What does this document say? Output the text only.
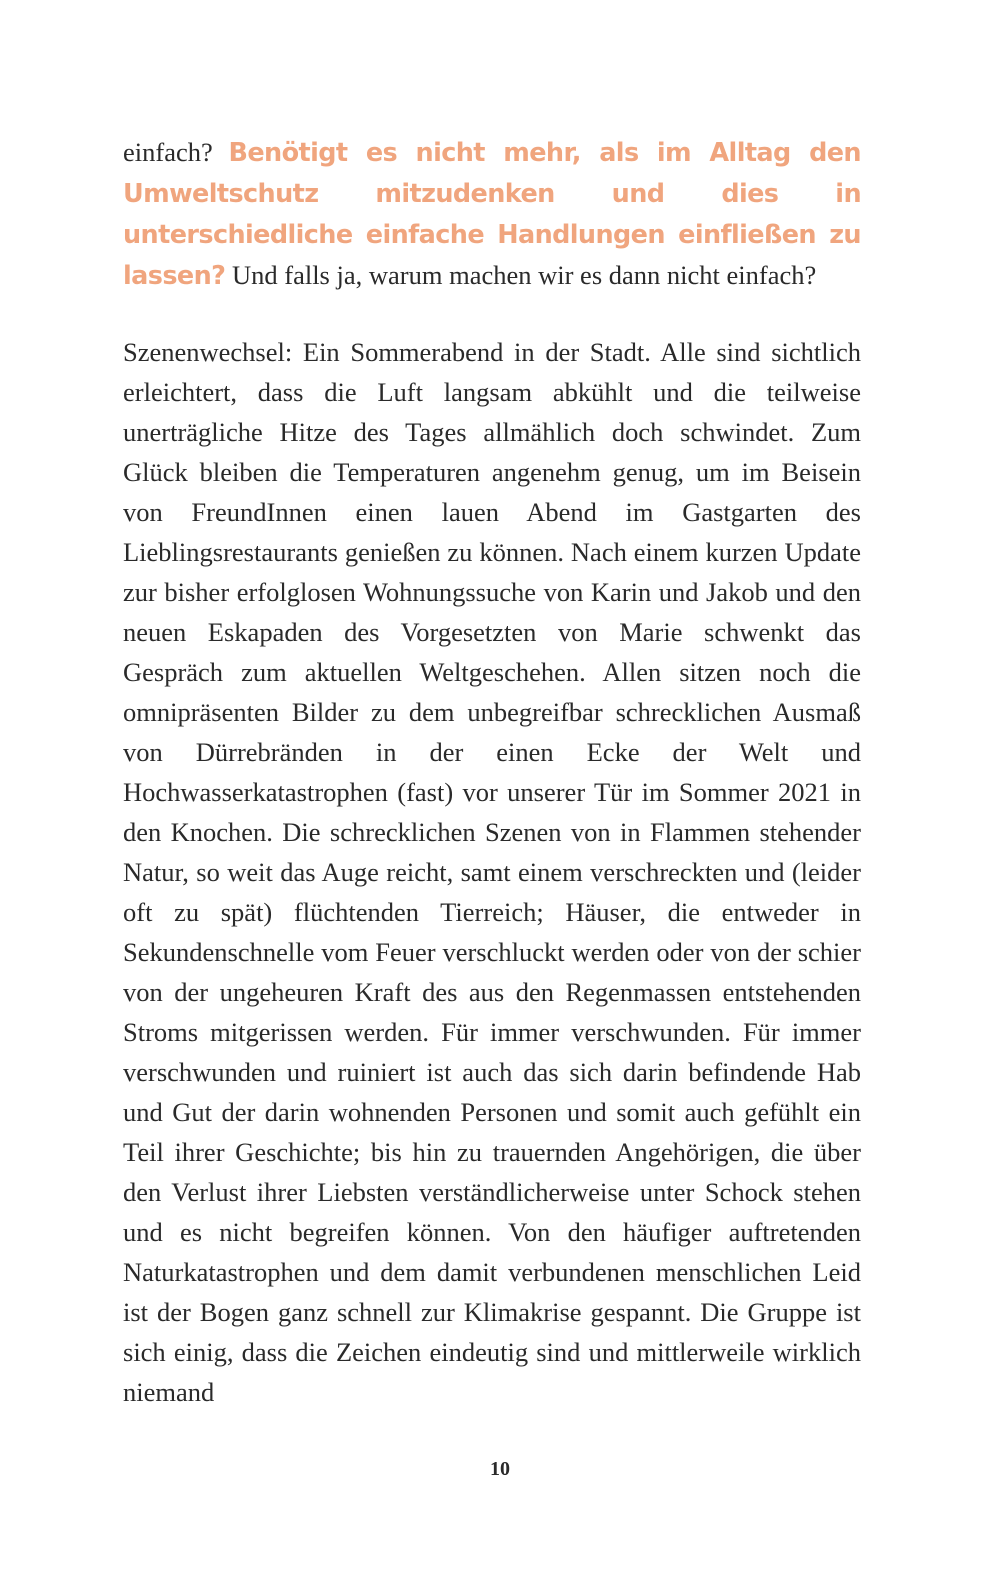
einfach? Benötigt es nicht mehr, als im Alltag den Umweltschutz mitzudenken und dies in unterschiedliche einfache Handlungen einfließen zu lassen? Und falls ja, warum machen wir es dann nicht einfach?
Szenenwechsel: Ein Sommerabend in der Stadt. Alle sind sichtlich erleichtert, dass die Luft langsam abkühlt und die teilweise unerträgliche Hitze des Tages allmählich doch schwindet. Zum Glück bleiben die Temperaturen angenehm genug, um im Beisein von FreundInnen einen lauen Abend im Gastgarten des Lieblingsrestaurants genießen zu können. Nach einem kurzen Update zur bisher erfolglosen Wohnungssuche von Karin und Jakob und den neuen Eskapaden des Vorgesetzten von Marie schwenkt das Gespräch zum aktuellen Weltgeschehen. Allen sitzen noch die omnipräsenten Bilder zu dem unbegreifbar schrecklichen Ausmaß von Dürrebränden in der einen Ecke der Welt und Hochwasserkatastrophen (fast) vor unserer Tür im Sommer 2021 in den Knochen. Die schrecklichen Szenen von in Flammen stehender Natur, so weit das Auge reicht, samt einem verschreckten und (leider oft zu spät) flüchtenden Tierreich; Häuser, die entweder in Sekundenschnelle vom Feuer verschluckt werden oder von der schier von der ungeheuren Kraft des aus den Regenmassen entstehenden Stroms mitgerissen werden. Für immer verschwunden. Für immer verschwunden und ruiniert ist auch das sich darin befindende Hab und Gut der darin wohnenden Personen und somit auch gefühlt ein Teil ihrer Geschichte; bis hin zu trauernden Angehörigen, die über den Verlust ihrer Liebsten verständlicherweise unter Schock stehen und es nicht begreifen können. Von den häufiger auftretenden Naturkatastrophen und dem damit verbundenen menschlichen Leid ist der Bogen ganz schnell zur Klimakrise gespannt. Die Gruppe ist sich einig, dass die Zeichen eindeutig sind und mittlerweile wirklich niemand
10
